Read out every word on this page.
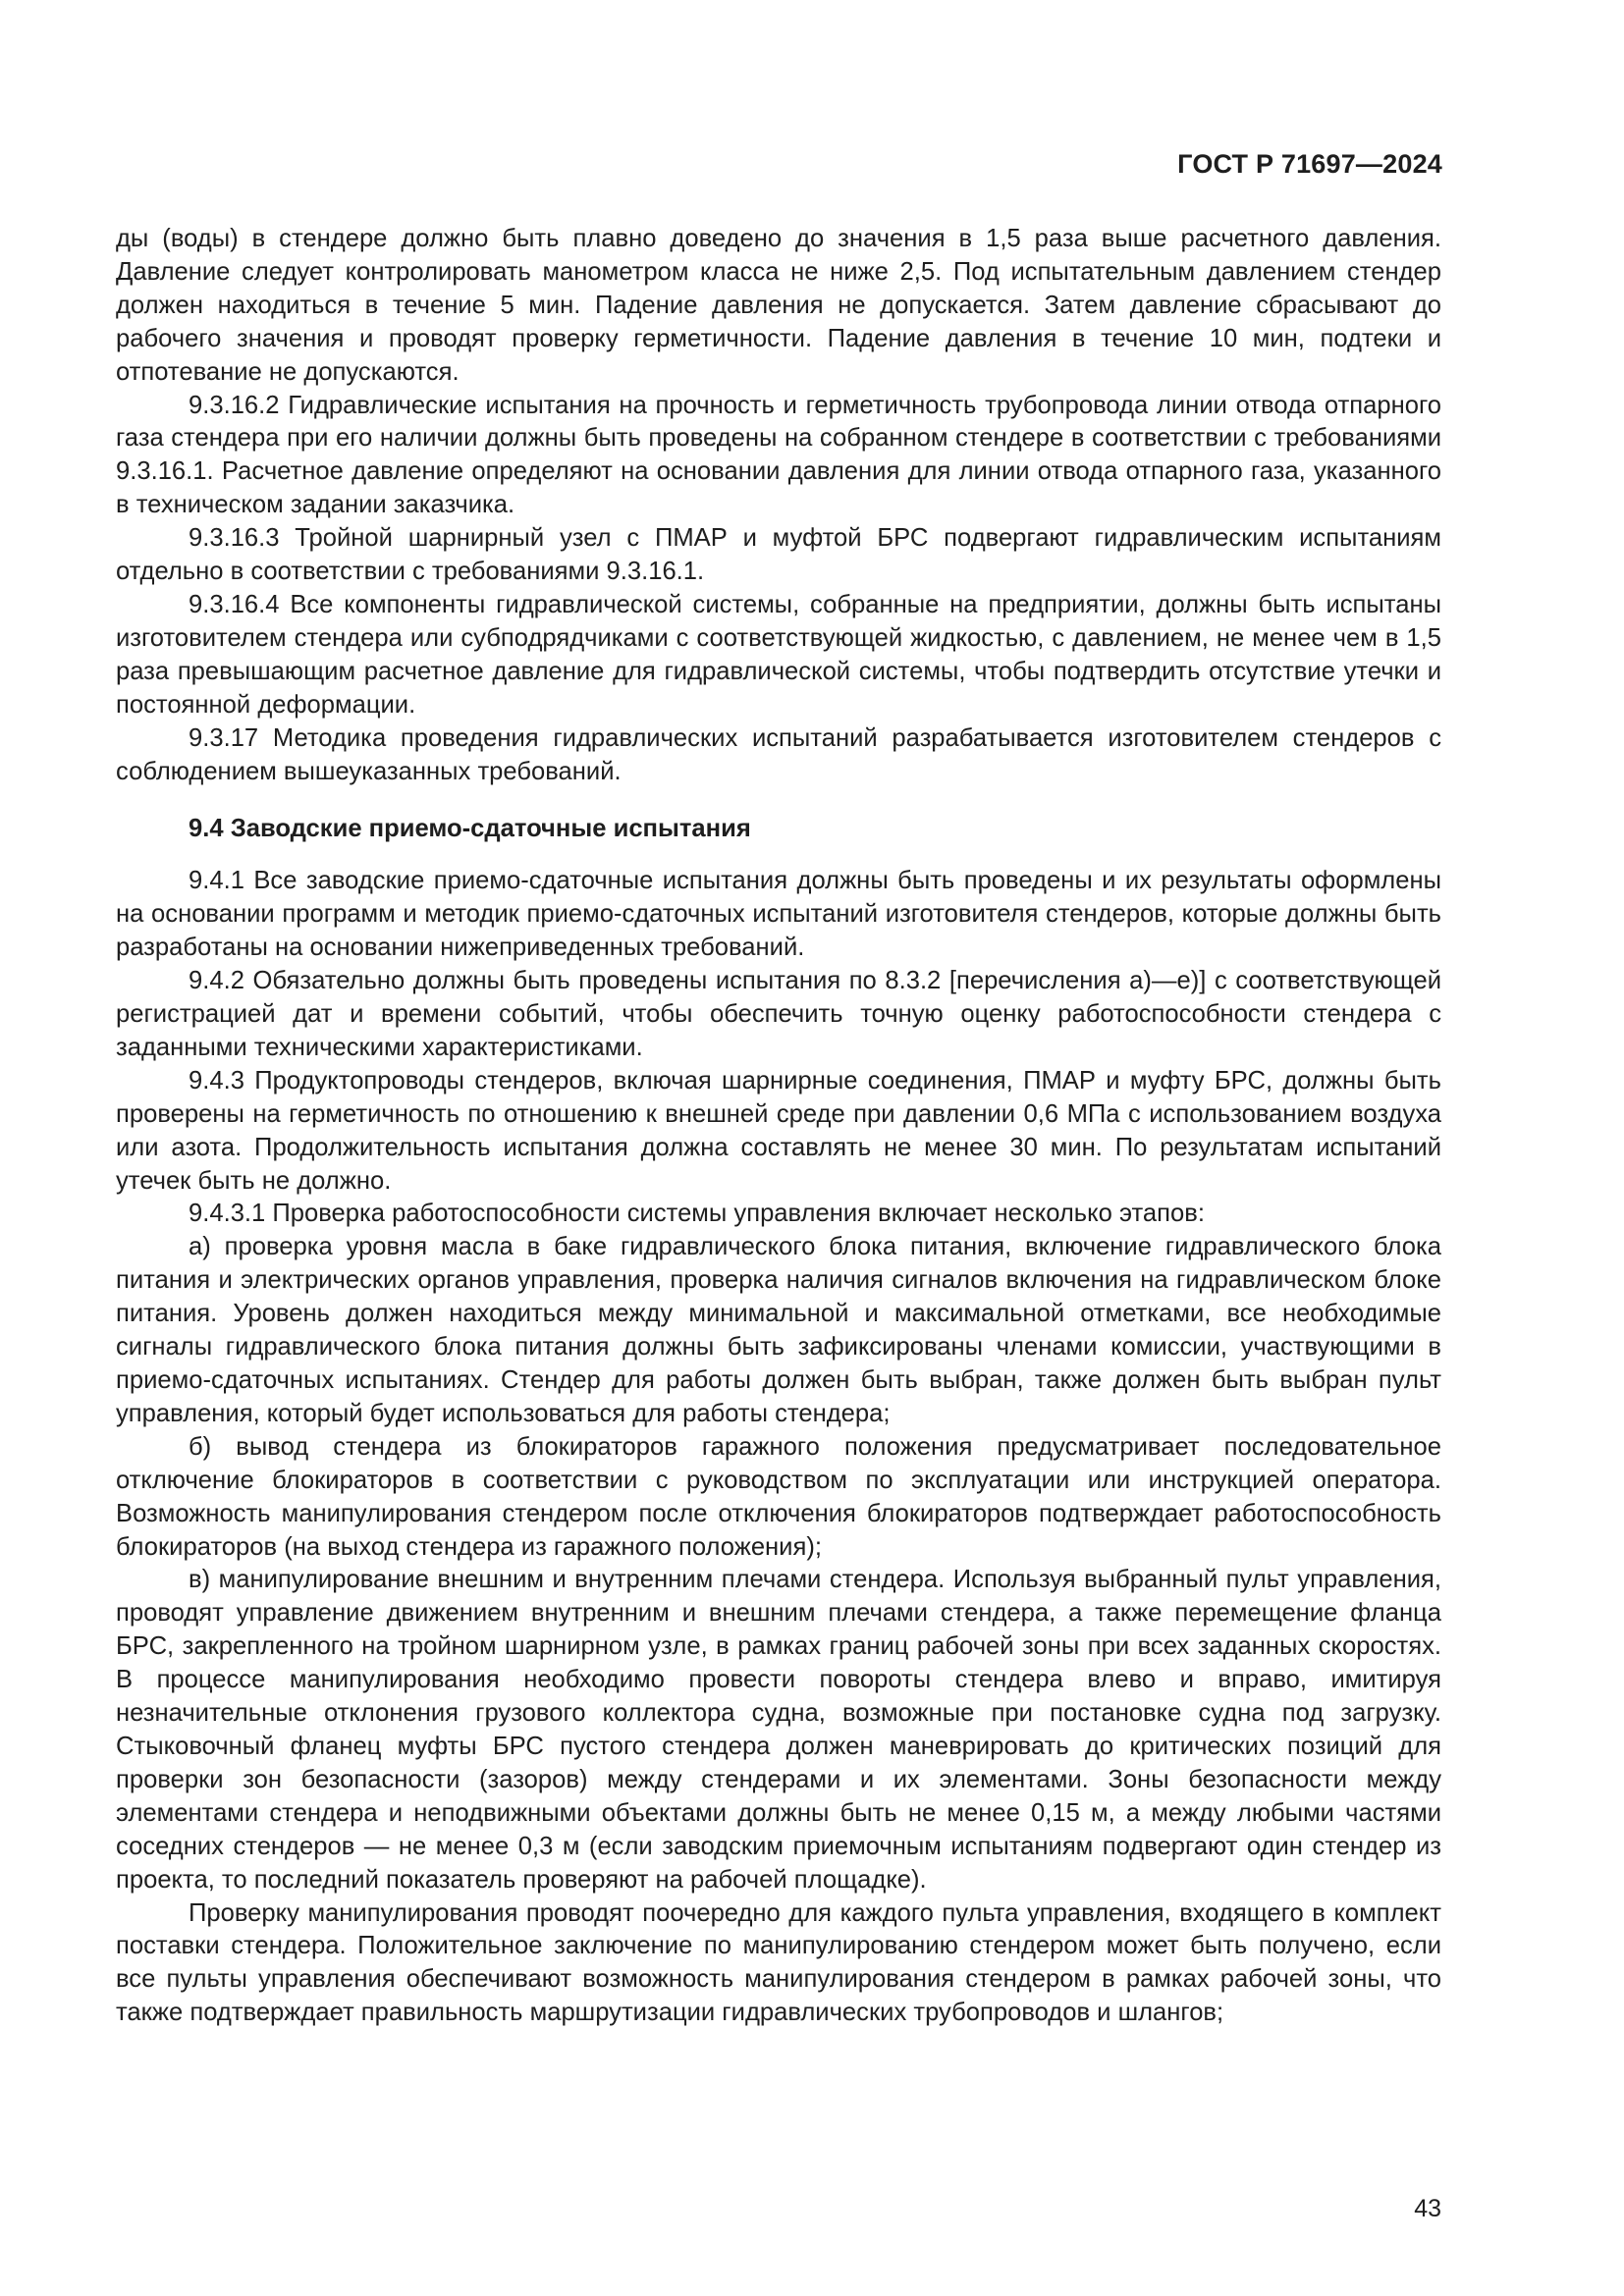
ГОСТ Р 71697—2024

ды (воды) в стендере должно быть плавно доведено до значения в 1,5 раза выше расчетного давления. Давление следует контролировать манометром класса не ниже 2,5. Под испытательным давлением стендер должен находиться в течение 5 мин. Падение давления не допускается. Затем давление сбрасывают до рабочего значения и проводят проверку герметичности. Падение давления в течение 10 мин, подтеки и отпотевание не допускаются.

9.3.16.2 Гидравлические испытания на прочность и герметичность трубопровода линии отвода отпарного газа стендера при его наличии должны быть проведены на собранном стендере в соответствии с требованиями 9.3.16.1. Расчетное давление определяют на основании давления для линии отвода отпарного газа, указанного в техническом задании заказчика.

9.3.16.3 Тройной шарнирный узел с ПМАР и муфтой БРС подвергают гидравлическим испытаниям отдельно в соответствии с требованиями 9.3.16.1.

9.3.16.4 Все компоненты гидравлической системы, собранные на предприятии, должны быть испытаны изготовителем стендера или субподрядчиками с соответствующей жидкостью, с давлением, не менее чем в 1,5 раза превышающим расчетное давление для гидравлической системы, чтобы подтвердить отсутствие утечки и постоянной деформации.

9.3.17 Методика проведения гидравлических испытаний разрабатывается изготовителем стендеров с соблюдением вышеуказанных требований.

9.4 Заводские приемо-сдаточные испытания

9.4.1 Все заводские приемо-сдаточные испытания должны быть проведены и их результаты оформлены на основании программ и методик приемо-сдаточных испытаний изготовителя стендеров, которые должны быть разработаны на основании нижеприведенных требований.

9.4.2 Обязательно должны быть проведены испытания по 8.3.2 [перечисления а)—е)] с соответствующей регистрацией дат и времени событий, чтобы обеспечить точную оценку работоспособности стендера с заданными техническими характеристиками.

9.4.3 Продуктопроводы стендеров, включая шарнирные соединения, ПМАР и муфту БРС, должны быть проверены на герметичность по отношению к внешней среде при давлении 0,6 МПа с использованием воздуха или азота. Продолжительность испытания должна составлять не менее 30 мин. По результатам испытаний утечек быть не должно.

9.4.3.1 Проверка работоспособности системы управления включает несколько этапов:

а) проверка уровня масла в баке гидравлического блока питания, включение гидравлического блока питания и электрических органов управления, проверка наличия сигналов включения на гидравлическом блоке питания. Уровень должен находиться между минимальной и максимальной отметками, все необходимые сигналы гидравлического блока питания должны быть зафиксированы членами комиссии, участвующими в приемо-сдаточных испытаниях. Стендер для работы должен быть выбран, также должен быть выбран пульт управления, который будет использоваться для работы стендера;

б) вывод стендера из блокираторов гаражного положения предусматривает последовательное отключение блокираторов в соответствии с руководством по эксплуатации или инструкцией оператора. Возможность манипулирования стендером после отключения блокираторов подтверждает работоспособность блокираторов (на выход стендера из гаражного положения);

в) манипулирование внешним и внутренним плечами стендера. Используя выбранный пульт управления, проводят управление движением внутренним и внешним плечами стендера, а также перемещение фланца БРС, закрепленного на тройном шарнирном узле, в рамках границ рабочей зоны при всех заданных скоростях. В процессе манипулирования необходимо провести повороты стендера влево и вправо, имитируя незначительные отклонения грузового коллектора судна, возможные при постановке судна под загрузку. Стыковочный фланец муфты БРС пустого стендера должен маневрировать до критических позиций для проверки зон безопасности (зазоров) между стендерами и их элементами. Зоны безопасности между элементами стендера и неподвижными объектами должны быть не менее 0,15 м, а между любыми частями соседних стендеров — не менее 0,3 м (если заводским приемочным испытаниям подвергают один стендер из проекта, то последний показатель проверяют на рабочей площадке).

Проверку манипулирования проводят поочередно для каждого пульта управления, входящего в комплект поставки стендера. Положительное заключение по манипулированию стендером может быть получено, если все пульты управления обеспечивают возможность манипулирования стендером в рамках рабочей зоны, что также подтверждает правильность маршрутизации гидравлических трубопроводов и шлангов;

43
